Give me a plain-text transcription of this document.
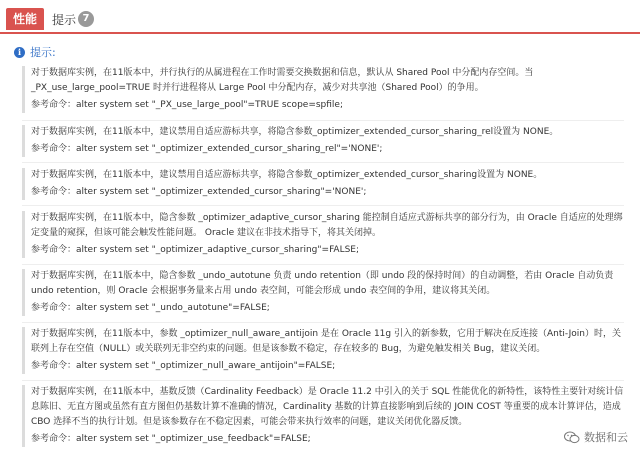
性能	提示 7
i 提示:

对于数据库实例，在11版本中，并行执行的从属进程在工作时需要交换数据和信息，默认从 Shared Pool 中分配内存空间。当 _PX_use_large_pool=TRUE 时并行进程将从 Large Pool 中分配内存，减少对共享池（Shared Pool）的争用。

参考命令：alter system set "_PX_use_large_pool"=TRUE scope=spfile;

对于数据库实例，在11版本中，建议禁用自适应游标共享，将隐含参数_optimizer_extended_cursor_sharing_rel设置为 NONE。

参考命令：alter system set "_optimizer_extended_cursor_sharing_rel"='NONE';

对于数据库实例，在11版本中，建议禁用自适应游标共享，将隐含参数_optimizer_extended_cursor_sharing设置为 NONE。

参考命令：alter system set "_optimizer_extended_cursor_sharing"='NONE';

对于数据库实例，在11版本中，隐含参数 _optimizer_adaptive_cursor_sharing 能控制自适应式游标共享的部分行为，由 Oracle 自适应的处理绑定变量的窥探，但该可能会触发性能问题。 Oracle 建议在非技术指导下，将其关闭掉。

参考命令：alter system set "_optimizer_adaptive_cursor_sharing"=FALSE;

对于数据库实例，在11版本中，隐含参数 _undo_autotune 负责 undo retention（即 undo 段的保持时间）的自动调整，若由 Oracle 自动负责 undo retention，则 Oracle 会根据事务量来占用 undo 表空间，可能会形成 undo 表空间的争用，建议将其关闭。

参考命令：alter system set "_undo_autotune"=FALSE;

对于数据库实例，在11版本中，参数 _optimizer_null_aware_antijoin 是在 Oracle 11g 引入的新参数，它用于解决在反连接（Anti-Join）时，关联列上存在空值（NULL）或关联列无非空约束的问题。但是该参数不稳定，存在较多的 Bug，为避免触发相关 Bug，建议关闭。

参考命令：alter system set "_optimizer_null_aware_antijoin"=FALSE;

对于数据库实例，在11版本中，基数反馈（Cardinality Feedback）是 Oracle 11.2 中引入的关于 SQL 性能优化的新特性，该特性主要针对统计信息陈旧、无直方图或虽然有直方图但仍基数计算不准确的情况，Cardinality 基数的计算直接影响到后续的 JOIN COST 等重要的成本计算评估，造成 CBO 选择不当的执行计划。但是该参数存在不稳定因素，可能会带来执行效率的问题，建议关闭优化器反馈。

参考命令：alter system set "_optimizer_use_feedback"=FALSE;	数据和云
